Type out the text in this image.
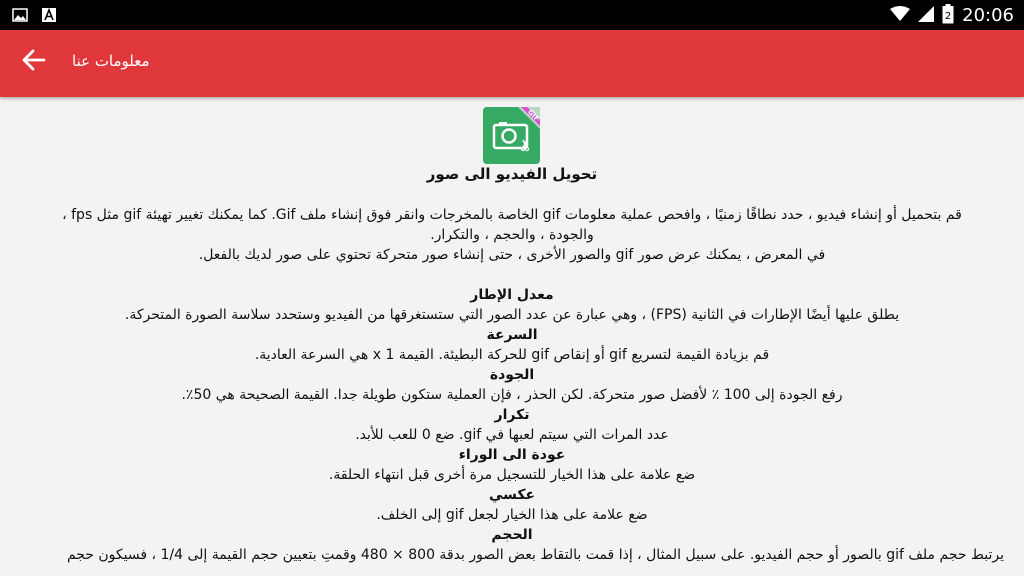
2 20:06
معلومات عنا
GIF
تحويل الفيديو الى صور

قم بتحميل أو إنشاء فيديو ، حدد نطاقًا زمنيًا ، وافحص عملية معلومات gif الخاصة بالمخرجات وانقر فوق إنشاء ملف Gif. كما يمكنك تغيير تهيئة gif مثل fps ،

والجودة ، والحجم ، والتكرار.

في المعرض ، يمكنك عرض صور gif والصور الأخرى ، حتى إنشاء صور متحركة تحتوي على صور لديك بالفعل.

معدل الإطار

يطلق عليها أيضًا الإطارات في الثانية (FPS) ، وهي عبارة عن عدد الصور التي ستستغرقها من الفيديو وستحدد سلاسة الصورة المتحركة.

السرعة

قم بزيادة القيمة لتسريع gif أو إنقاص gif للحركة البطيئة. القيمة 1 x هي السرعة العادية.

الجودة

رفع الجودة إلى 100 ٪ لأفضل صور متحركة. لكن الحذر ، فإن العملية ستكون طويلة جدا. القيمة الصحيحة هي 50٪.

تكرار

عدد المرات التي سيتم لعبها في gif. ضع 0 للعب للأبد.

عودة الى الوراء

ضع علامة على هذا الخيار للتسجيل مرة أخرى قبل انتهاء الحلقة.

عكسي

ضع علامة على هذا الخيار لجعل gif إلى الخلف.

الحجم

يرتبط حجم ملف gif بالصور أو حجم الفيديو. على سبيل المثال ، إذا قمت بالتقاط بعض الصور بدقة 800 × 480 وقمتِ بتعيين حجم القيمة إلى 1/4 ، فسيكون حجم
